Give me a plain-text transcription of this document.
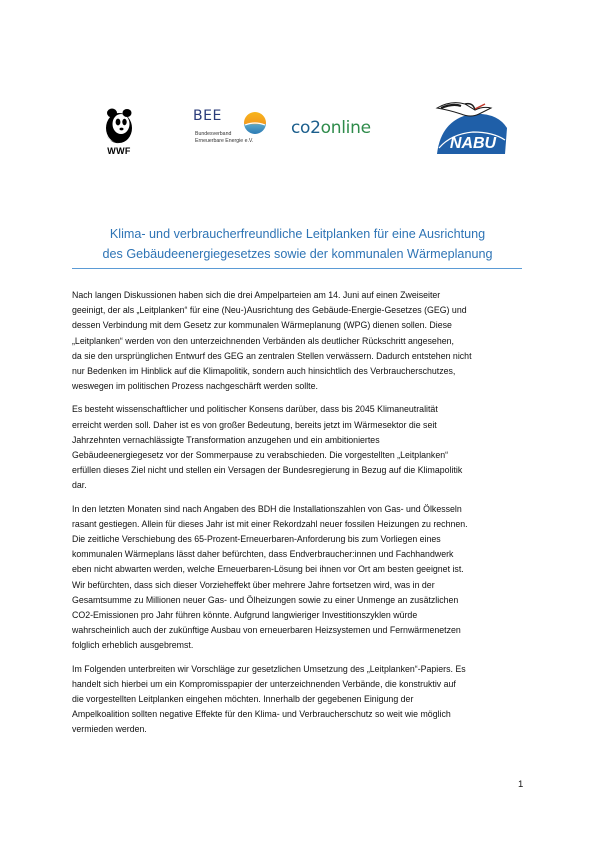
WWF
BEE
Bundesverband
Erneuerbare Energie e.V.
co2online
NABU
Klima- und verbraucherfreundliche Leitplanken für eine Ausrichtung
des Gebäudeenergiegesetzes sowie der kommunalen Wärmeplanung

Nach langen Diskussionen haben sich die drei Ampelparteien am 14. Juni auf einen Zweiseiter
geeinigt, der als „Leitplanken“ für eine (Neu-)Ausrichtung des Gebäude-Energie-Gesetzes (GEG) und
dessen Verbindung mit dem Gesetz zur kommunalen Wärmeplanung (WPG) dienen sollen. Diese
„Leitplanken“ werden von den unterzeichnenden Verbänden als deutlicher Rückschritt angesehen,
da sie den ursprünglichen Entwurf des GEG an zentralen Stellen verwässern. Dadurch entstehen nicht
nur Bedenken im Hinblick auf die Klimapolitik, sondern auch hinsichtlich des Verbraucherschutzes,
weswegen im politischen Prozess nachgeschärft werden sollte.

Es besteht wissenschaftlicher und politischer Konsens darüber, dass bis 2045 Klimaneutralität
erreicht werden soll. Daher ist es von großer Bedeutung, bereits jetzt im Wärmesektor die seit
Jahrzehnten vernachlässigte Transformation anzugehen und ein ambitioniertes
Gebäudeenergiegesetz vor der Sommerpause zu verabschieden. Die vorgestellten „Leitplanken“
erfüllen dieses Ziel nicht und stellen ein Versagen der Bundesregierung in Bezug auf die Klimapolitik
dar.

In den letzten Monaten sind nach Angaben des BDH die Installationszahlen von Gas- und Ölkesseln
rasant gestiegen. Allein für dieses Jahr ist mit einer Rekordzahl neuer fossilen Heizungen zu rechnen.
Die zeitliche Verschiebung des 65-Prozent-Erneuerbaren-Anforderung bis zum Vorliegen eines
kommunalen Wärmeplans lässt daher befürchten, dass Endverbraucher:innen und Fachhandwerk
eben nicht abwarten werden, welche Erneuerbaren-Lösung bei ihnen vor Ort am besten geeignet ist.
Wir befürchten, dass sich dieser Vorzieheffekt über mehrere Jahre fortsetzen wird, was in der
Gesamtsumme zu Millionen neuer Gas- und Ölheizungen sowie zu einer Unmenge an zusätzlichen
CO2-Emissionen pro Jahr führen könnte. Aufgrund langwieriger Investitionszyklen würde
wahrscheinlich auch der zukünftige Ausbau von erneuerbaren Heizsystemen und Fernwärmenetzen
folglich erheblich ausgebremst.

Im Folgenden unterbreiten wir Vorschläge zur gesetzlichen Umsetzung des „Leitplanken“-Papiers. Es
handelt sich hierbei um ein Kompromisspapier der unterzeichnenden Verbände, die konstruktiv auf
die vorgestellten Leitplanken eingehen möchten. Innerhalb der gegebenen Einigung der
Ampelkoalition sollten negative Effekte für den Klima- und Verbraucherschutz so weit wie möglich
vermieden werden.

1
